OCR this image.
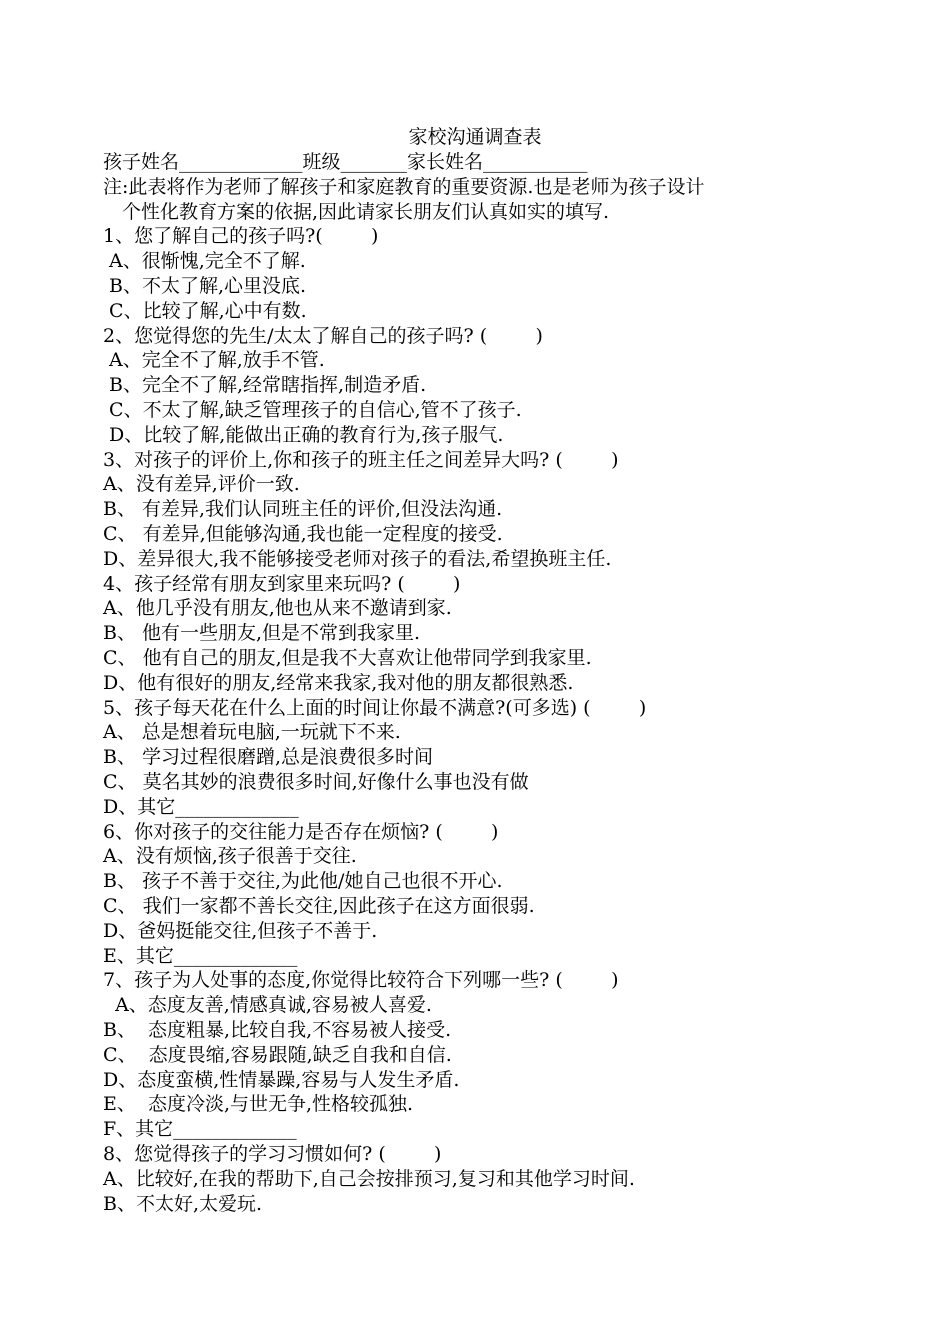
家校沟通调查表
孩子姓名_____________班级_______家长姓名___________
注:此表将作为老师了解孩子和家庭教育的重要资源.也是老师为孩子设计
个性化教育方案的依据,因此请家长朋友们认真如实的填写.
1、您了解自己的孩子吗?(        )
A、很惭愧,完全不了解.
B、不太了解,心里没底.
C、比较了解,心中有数.
2、您觉得您的先生/太太了解自己的孩子吗? (        )
A、完全不了解,放手不管.
B、完全不了解,经常瞎指挥,制造矛盾.
C、不太了解,缺乏管理孩子的自信心,管不了孩子.
D、比较了解,能做出正确的教育行为,孩子服气.
3、对孩子的评价上,你和孩子的班主任之间差异大吗? (        )
A、没有差异,评价一致.
B、 有差异,我们认同班主任的评价,但没法沟通.
C、 有差异,但能够沟通,我也能一定程度的接受.
D、差异很大,我不能够接受老师对孩子的看法,希望换班主任.
4、孩子经常有朋友到家里来玩吗? (        )
A、他几乎没有朋友,他也从来不邀请到家.
B、 他有一些朋友,但是不常到我家里.
C、 他有自己的朋友,但是我不大喜欢让他带同学到我家里.
D、他有很好的朋友,经常来我家,我对他的朋友都很熟悉.
5、孩子每天花在什么上面的时间让你最不满意?(可多选) (        )
A、 总是想着玩电脑,一玩就下不来.
B、 学习过程很磨蹭,总是浪费很多时间
C、 莫名其妙的浪费很多时间,好像什么事也没有做
D、其它_____________
6、你对孩子的交往能力是否存在烦恼? (        )
A、没有烦恼,孩子很善于交往.
B、 孩子不善于交往,为此他/她自己也很不开心.
C、 我们一家都不善长交往,因此孩子在这方面很弱.
D、爸妈挺能交往,但孩子不善于.
E、其它_____________
7、孩子为人处事的态度,你觉得比较符合下列哪一些? (        )
A、态度友善,情感真诚,容易被人喜爱.
B、  态度粗暴,比较自我,不容易被人接受.
C、  态度畏缩,容易跟随,缺乏自我和自信.
D、态度蛮横,性情暴躁,容易与人发生矛盾.
E、  态度冷淡,与世无争,性格较孤独.
F、其它_____________
8、您觉得孩子的学习习惯如何? (        )
A、比较好,在我的帮助下,自己会按排预习,复习和其他学习时间.
B、不太好,太爱玩.
